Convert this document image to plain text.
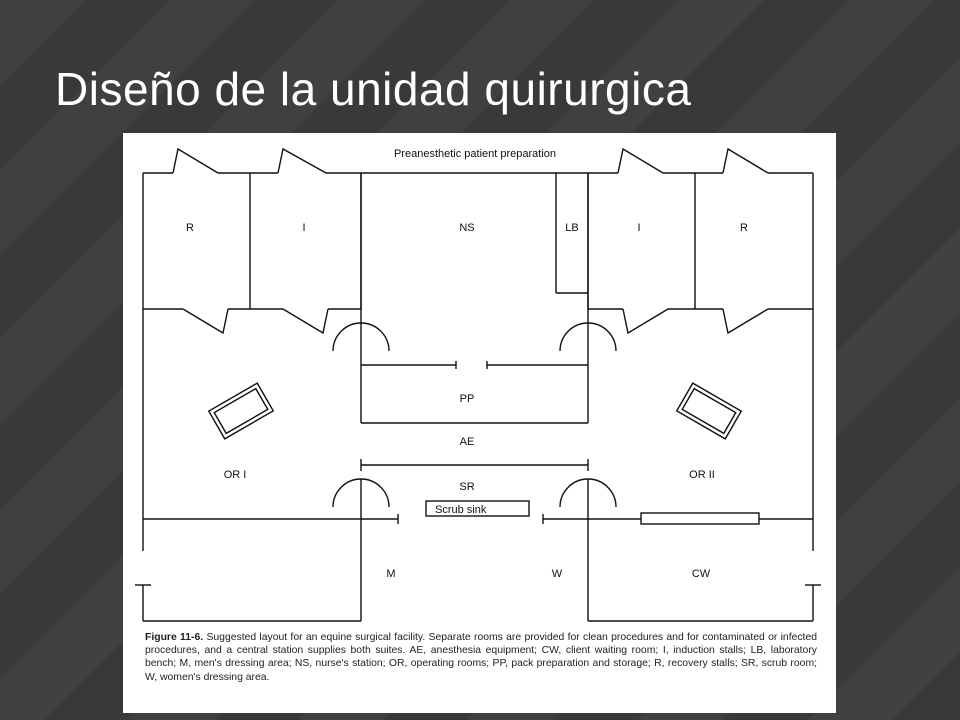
Diseño de la unidad quirurgica
Preanesthetic patient preparation
R	I	NS	LB	I	R
PP
AE
SR
Scrub sink
OR I	OR II
M	W	CW
Figure 11-6. Suggested layout for an equine surgical facility. Separate rooms are provided for clean procedures and for contaminated or infected procedures, and a central station supplies both suites. AE, anesthesia equipment; CW, client waiting room; I, induction stalls; LB, laboratory bench; M, men's dressing area; NS, nurse's station; OR, operating rooms; PP, pack preparation and storage; R, recovery stalls; SR, scrub room; W, women's dressing area.
